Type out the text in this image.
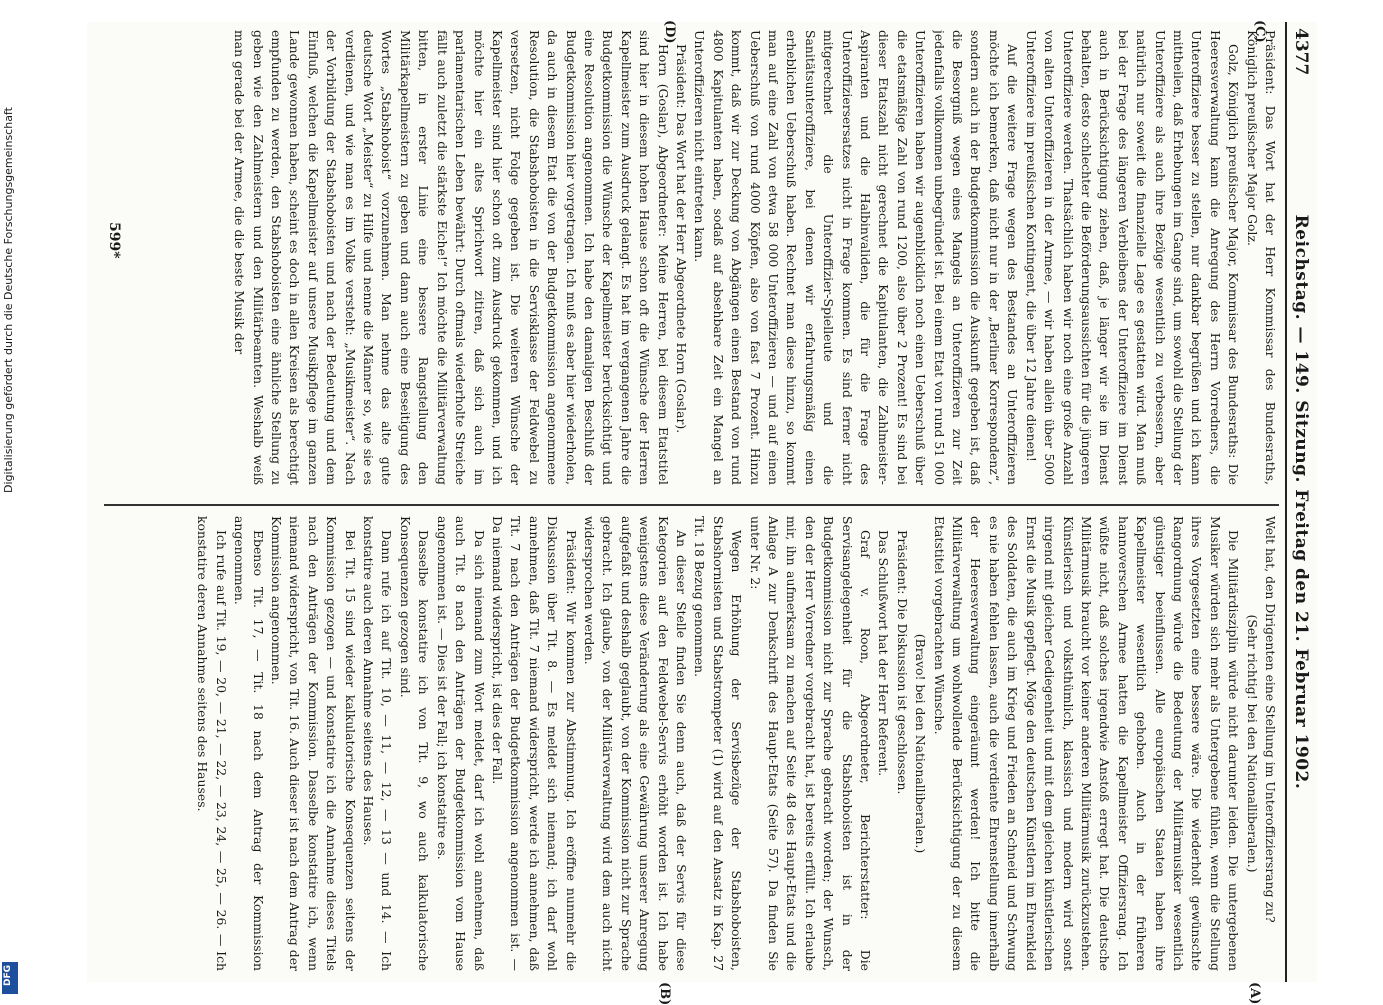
4377
Reichstag. — 149. Sitzung. Freitag den 21. Februar 1902.
(C)
(D)	Präsident: Das Wort hat der Herr Kommissar des Bundesraths, Königlich preußischer Major Golz.

Golz, Königlich preußischer Major, Kommissar des Bundesraths: Die Heeresverwaltung kann die Anregung des Herrn Vorredners, die Unteroffiziere besser zu stellen, nur dankbar begrüßen und ich kann mittheilen, daß Erhebungen im Gange sind, um sowohl die Stellung der Unteroffiziere als auch ihre Bezüge wesentlich zu verbessern, aber natürlich nur soweit die finanzielle Lage es gestatten wird. Man muß bei der Frage des längeren Verbleibens der Unteroffiziere im Dienst auch in Berücksichtigung ziehen, daß, je länger wir sie im Dienst behalten, desto schlechter die Beförderungsaussichten für die jüngeren Unteroffiziere werden. Thatsächlich haben wir noch eine große Anzahl von alten Unteroffizieren in der Armee, — wir haben allein über 5000 Unteroffiziere im preußischen Kontingent, die über 12 Jahre dienen!

Auf die weitere Frage wegen des Bestandes an Unteroffizieren möchte ich bemerken, daß nicht nur in der „Berliner Korrespondenz“, sondern auch in der Budgetkommission die Auskunft gegeben ist, daß die Besorgniß wegen eines Mangels an Unteroffizieren zur Zeit jedenfalls vollkommen unbegründet ist. Bei einem Etat von rund 51 000 Unteroffizieren haben wir augenblicklich noch einen Ueberschuß über die etatsmäßige Zahl von rund 1200, also über 2 Prozent! Es sind bei dieser Etatszahl nicht gerechnet die Kapitulanten, die Zahlmeister-Aspiranten und die Halbinvaliden, die für die Frage des Unteroffiziersersatzes nicht in Frage kommen. Es sind ferner nicht mitgerechnet die Unteroffizier-Spielleute und die Sanitätsunteroffiziere, bei denen wir erfahrungsmäßig einen erheblichen Ueberschuß haben. Rechnet man diese hinzu, so kommt man auf eine Zahl von etwa 58 000 Unteroffizieren — und auf einen Ueberschuß von rund 4000 Köpfen, also von fast 7 Prozent. Hinzu kommt, daß wir zur Deckung von Abgängen einen Bestand von rund 4800 Kapitulanten haben, sodaß auf absehbare Zeit ein Mangel an Unteroffizieren nicht eintreten kann.

Präsident: Das Wort hat der Herr Abgeordnete Horn (Goslar).

Horn (Goslar), Abgeordneter: Meine Herren, bei diesem Etatstitel sind hier in diesem hohen Hause schon oft die Wünsche der Herren Kapellmeister zum Ausdruck gelangt. Es hat im vergangenen Jahre die Budgetkommission die Wünsche der Kapellmeister berücksichtigt und eine Resolution angenommen. Ich habe den damaligen Beschluß der Budgetkommission hier vorgetragen. Ich muß es aber hier wiederholen, da auch in diesem Etat die von der Budgetkommission angenommene Resolution, die Stabshoboisten in die Servisklasse der Feldwebel zu versetzen, nicht Folge gegeben ist. Die weiteren Wünsche der Kapellmeister sind hier schon oft zum Ausdruck gekommen, und ich möchte hier ein altes Sprichwort zitiren, daß sich auch im parlamentarischen Leben bewährt: Durch oftmals wiederholte Streiche fällt auch zuletzt die stärkste Eiche!“ Ich möchte die Militärverwaltung bitten, in erster Linie eine bessere Rangstellung den Militärkapellmeistern zu geben und dann auch eine Beseitigung des Wortes „Stabshoboist“ vorzunehmen. Man nehme das alte gute deutsche Wort „Meister“ zu Hilfe und nenne die Männer so, wie sie es verdienen, und wie man es im Volke versteht: „Musikmeister“. Nach der Vorbildung der Stabshoboisten und nach der Bedeutung und dem Einfluß, welchen die Kapellmeister auf unsere Musikpflege im ganzen Lande gewonnen haben, scheint es doch in allen Kreisen als berechtigt empfunden zu werden, den Stabshoboisten eine ähnliche Stellung zu geben wie den Zahlmeistern und den Militärbeamten. Weshalb weiß man gerade bei der Armee, die die beste Musik der

Welt hat, den Dirigenten eine Stellung im Unteroffiziersrang zu?

(Sehr richtig! bei den Nationalliberalen.)

Die Militärdisziplin würde nicht darunter leiden. Die untergebenen Musiker würden sich mehr als Untergebene fühlen, wenn die Stellung ihres Vorgesetzten eine bessere wäre. Die wiederholt gewünschte Rangordnung würde die Bedeutung der Militärmusiker wesentlich günstiger beeinflussen. Alle europäischen Staaten haben ihre Kapellmeister wesentlich gehoben. Auch in der früheren hannoverschen Armee hatten die Kapellmeister Offiziersrang. Ich wüßte nicht, daß solches irgendwie Anstoß erregt hat. Die deutsche Militärmusik braucht vor keiner anderen Militärmusik zurückzustehen. Künstlerisch und volksthümlich, klassisch und modern wird sonst nirgend mit gleicher Gediegenheit und mit dem gleichen künstlerischen Ernst die Musik gepflegt. Möge den deutschen Künstlern im Ehrenkleid des Soldaten, die auch im Krieg und Frieden an Schneid und Schwung es nie haben fehlen lassen, auch die verdiente Ehrenstellung innerhalb der Heeresverwaltung eingeräumt werden! Ich bitte die Militärverwaltung um wohlwollende Berücksichtigung der zu diesem Etatstitel vorgebrachten Wünsche.

(Bravo! bei den Nationalliberalen.)

Präsident: Die Diskussion ist geschlossen.

Das Schlußwort hat der Herr Referent.

Graf v. Roon, Abgeordneter, Berichterstatter: Die Servisangelegenheit für die Stabshoboisten ist in der Budgetkommission nicht zur Sprache gebracht worden; der Wunsch, den der Herr Vorredner vorgebracht hat, ist bereits erfüllt. Ich erlaube mir, ihn aufmerksam zu machen auf Seite 48 des Haupt-Etats und die Anlage A zur Denkschrift des Haupt-Etats (Seite 57). Da finden Sie unter Nr. 2:

Wegen Erhöhung der Servisbezüge der Stabshoboisten, Stabshornisten und Stabstrompeter (1) wird auf den Ansatz in Kap. 27 Tit. 18 Bezug genommen.

An dieser Stelle finden Sie denn auch, daß der Servis für diese Kategorien auf den Feldwebel-Servis erhöht worden ist. Ich habe wenigstens diese Veränderung als eine Gewährung unserer Anregung aufgefaßt und deshalb geglaubt, von der Kommission nicht zur Sprache gebracht. Ich glaube, von der Militärverwaltung wird dem auch nicht widersprochen werden.

Präsident: Wir kommen zur Abstimmung. Ich eröffne nunmehr die Diskussion über Tit. 8. — Es meldet sich niemand; ich darf wohl annehmen, daß Tit. 7 niemand widerspricht, werde ich annehmen, daß Tit. 7 nach den Anträgen der Budgetkommission angenommen ist. — Da niemand widerspricht, ist dies der Fall.

Da sich niemand zum Wort meldet, darf ich wohl annehmen, daß auch Tit. 8 nach den Anträgen der Budgetkommission vom Hause angenommen ist. — Dies ist der Fall; ich konstatire es.

Dasselbe konstatire ich von Tit. 9, wo auch kalkulatorische Konsequenzen gezogen sind.

Dann rufe ich auf Tit. 10, — 11, — 12, — 13 — und 14. — Ich konstatire auch deren Annahme seitens des Hauses.

Bei Tit. 15 sind wieder kalkulatorische Konsequenzen seitens der Kommission gezogen — und konstatire ich die Annahme dieses Titels nach den Anträgen der Kommission. Dasselbe konstatire ich, wenn niemand widerspricht, von Tit. 16. Auch dieser ist nach dem Antrag der Kommission angenommen.

Ebenso Tit. 17, — Tit. 18 nach dem Antrag der Kommission angenommen.

Ich rufe auf Tit. 19, — 20, — 21, — 22, — 23, 24, — 25, — 26. — Ich konstatire deren Annahme seitens des Hauses.

(A)
(B)
599*
Digitalisierung gefördert durch die Deutsche Forschungsgemeinschaft
DFG
